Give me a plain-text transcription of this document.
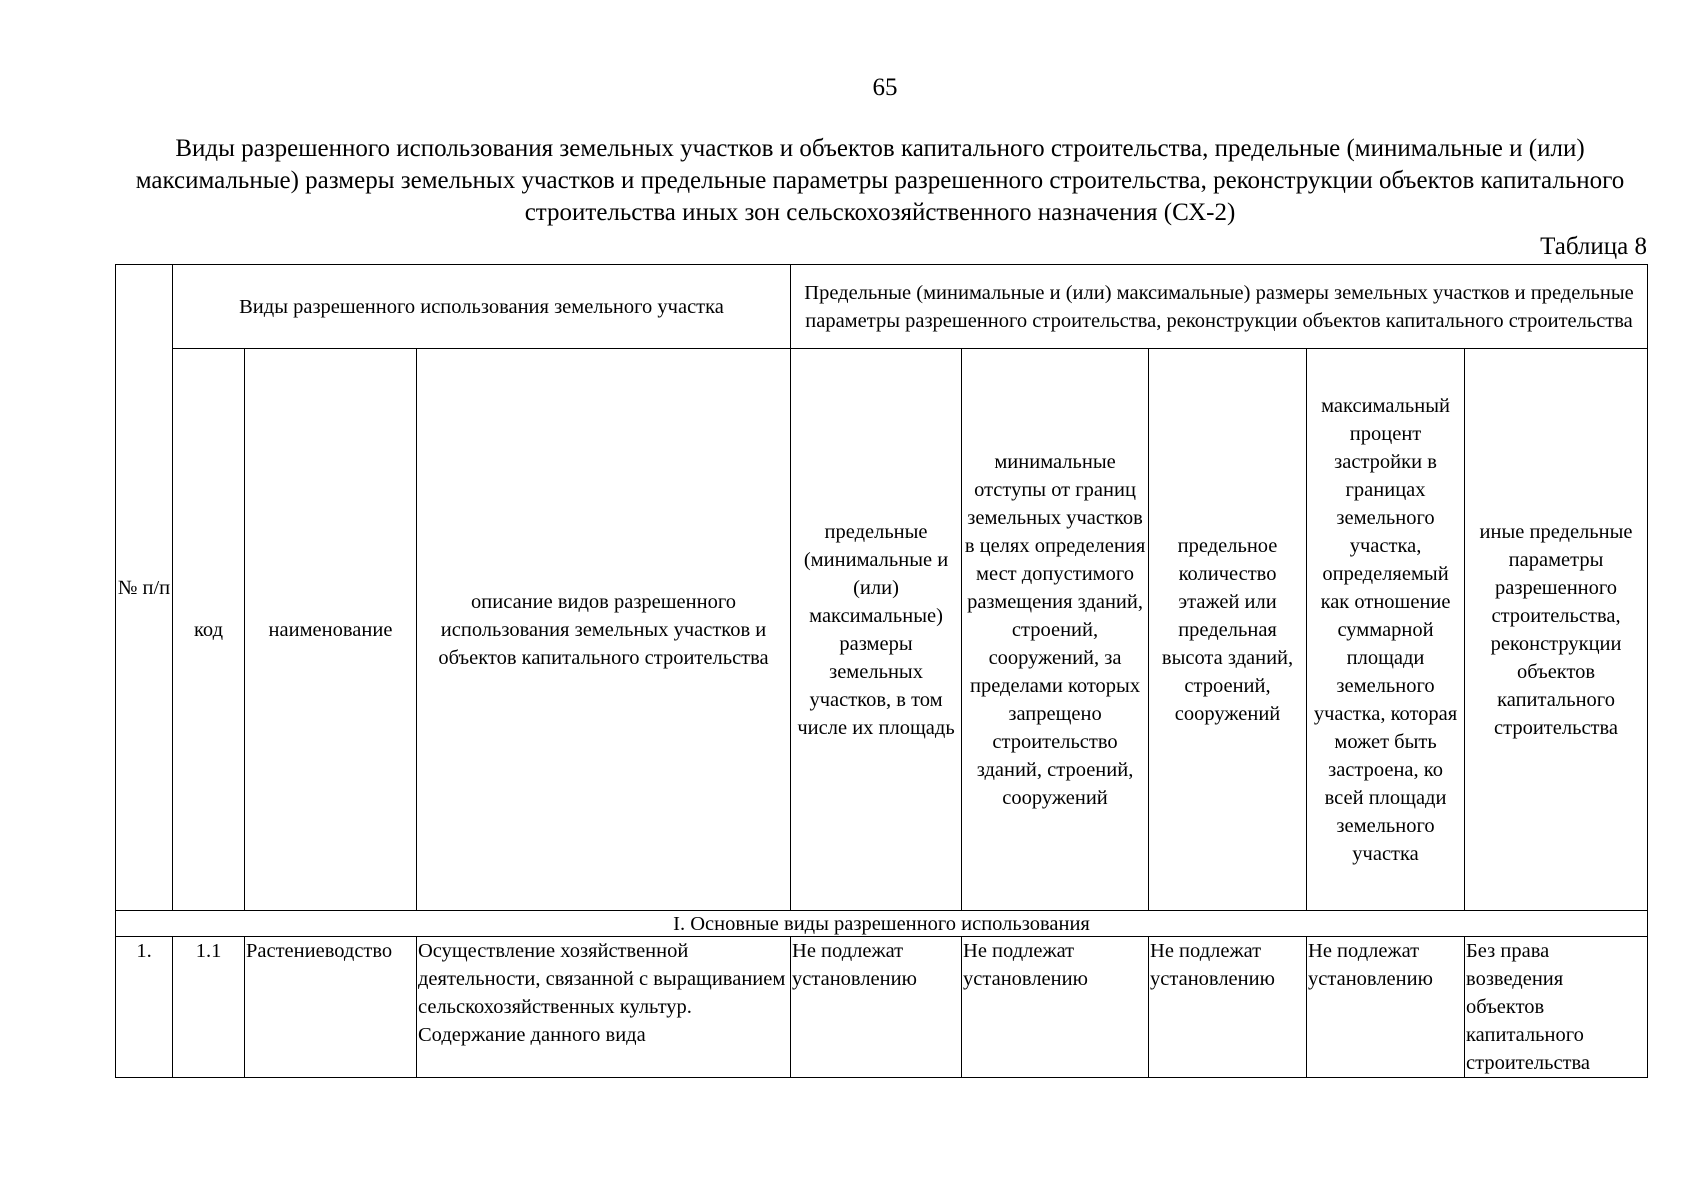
65
Виды разрешенного использования земельных участков и объектов капитального строительства, предельные (минимальные и (или) максимальные) размеры земельных участков и предельные параметры разрешенного строительства, реконструкции объектов капитального строительства иных зон сельскохозяйственного назначения (СХ-2)
Таблица 8
№ п/п	Виды разрешенного использования земельного участка			Предельные (минимальные и (или) максимальные) размеры земельных участков и предельные параметры разрешенного строительства, реконструкции объектов капитального строительства				
	код	наименование	описание видов разрешенного использования земельных участков и объектов капитального строительства	предельные (минимальные и (или) максимальные) размеры земельных участков, в том числе их площадь	минимальные отступы от границ земельных участков в целях определения мест допустимого размещения зданий, строений, сооружений, за пределами которых запрещено строительство зданий, строений, сооружений	предельное количество этажей или предельная высота зданий, строений, сооружений	максимальный процент застройки в границах земельного участка, определяемый как отношение суммарной площади земельного участка, которая может быть застроена, ко всей площади земельного участка	иные предельные параметры разрешенного строительства, реконструкции объектов капитального строительства
I. Основные виды разрешенного использования								
1.	1.1	Растениеводство	Осуществление хозяйственной деятельности, связанной с выращиванием сельскохозяйственных культур. Содержание данного вида	Не подлежат установлению	Не подлежат установлению	Не подлежат установлению	Не подлежат установлению	Без права возведения объектов капитального строительства
